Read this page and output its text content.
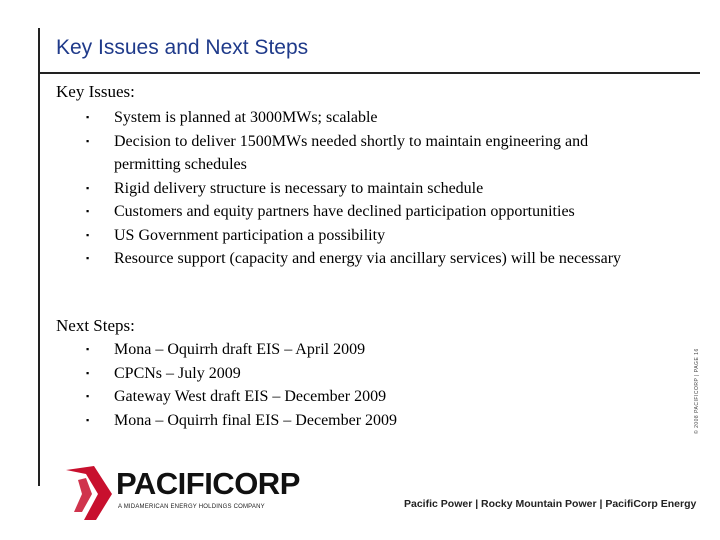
Key Issues and Next Steps
Key Issues:
▪ System is planned at 3000MWs; scalable
▪ Decision to deliver 1500MWs needed shortly to maintain engineering and permitting schedules
▪ Rigid delivery structure is necessary to maintain schedule
▪ Customers and equity partners have declined participation opportunities
▪ US Government participation a possibility
▪ Resource support (capacity and energy via ancillary services) will be necessary
Next Steps:
▪ Mona – Oquirrh draft EIS – April 2009
▪ CPCNs – July 2009
▪ Gateway West draft EIS – December 2009
▪ Mona – Oquirrh final EIS – December 2009	© 2008 PACIFICORP | PAGE 16
PACIFICORP
A MIDAMERICAN ENERGY HOLDINGS COMPANY	Pacific Power | Rocky Mountain Power | PacifiCorp Energy
